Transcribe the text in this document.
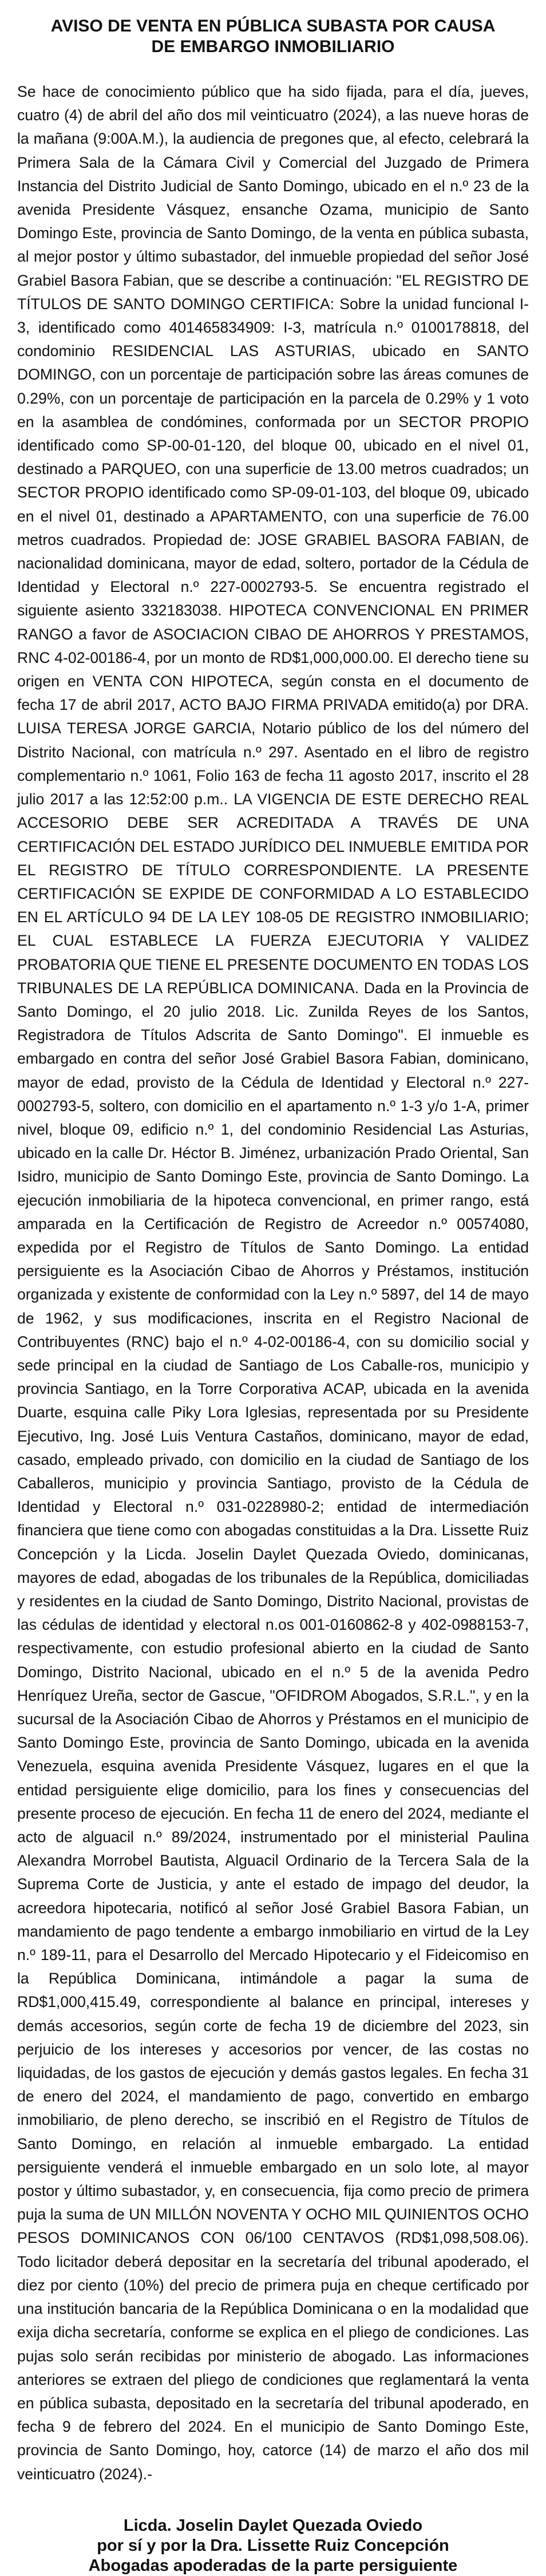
AVISO DE VENTA EN PÚBLICA SUBASTA POR CAUSA
DE EMBARGO INMOBILIARIO

Se hace de conocimiento público que ha sido fijada, para el día, jueves, cuatro (4) de abril del año dos mil veinticuatro (2024), a las nueve horas de la mañana (9:00A.M.), la audiencia de pregones que, al efecto, celebrará la Primera Sala de la Cámara Civil y Comercial del Juzgado de Primera Instancia del Distrito Judicial de Santo Domingo, ubicado en el n.º 23 de la avenida Presidente Vásquez, ensanche Ozama, municipio de Santo Domingo Este, provincia de Santo Domingo, de la venta en pública subasta, al mejor postor y último subastador, del inmueble propiedad del señor José Grabiel Basora Fabian, que se describe a continuación: "EL REGISTRO DE TÍTULOS DE SANTO DOMINGO CERTIFICA: Sobre la unidad funcional I-3, identificado como 401465834909: I-3, matrícula n.º 0100178818, del condominio RESIDENCIAL LAS ASTURIAS, ubicado en SANTO DOMINGO, con un porcentaje de participación sobre las áreas comunes de 0.29%, con un porcentaje de participación en la parcela de 0.29% y 1 voto en la asamblea de condómines, conformada por un SECTOR PROPIO identificado como SP-00-01-120, del bloque 00, ubicado en el nivel 01, destinado a PARQUEO, con una superficie de 13.00 metros cuadrados; un SECTOR PROPIO identificado como SP-09-01-103, del bloque 09, ubicado en el nivel 01, destinado a APARTAMENTO, con una superficie de 76.00 metros cuadrados. Propiedad de: JOSE GRABIEL BASORA FABIAN, de nacionalidad dominicana, mayor de edad, soltero, portador de la Cédula de Identidad y Electoral n.º 227-0002793-5. Se encuentra registrado el siguiente asiento 332183038. HIPOTECA CONVENCIONAL EN PRIMER RANGO a favor de ASOCIACION CIBAO DE AHORROS Y PRESTAMOS, RNC 4-02-00186-4, por un monto de RD$1,000,000.00. El derecho tiene su origen en VENTA CON HIPOTECA, según consta en el documento de fecha 17 de abril 2017, ACTO BAJO FIRMA PRIVADA emitido(a) por DRA. LUISA TERESA JORGE GARCIA, Notario público de los del número del Distrito Nacional, con matrícula n.º 297. Asentado en el libro de registro complementario n.º 1061, Folio 163 de fecha 11 agosto 2017, inscrito el 28 julio 2017 a las 12:52:00 p.m.. LA VIGENCIA DE ESTE DERECHO REAL ACCESORIO DEBE SER ACREDITADA A TRAVÉS DE UNA CERTIFICACIÓN DEL ESTADO JURÍDICO DEL INMUEBLE EMITIDA POR EL REGISTRO DE TÍTULO CORRESPONDIENTE. LA PRESENTE CERTIFICACIÓN SE EXPIDE DE CONFORMIDAD A LO ESTABLECIDO EN EL ARTÍCULO 94 DE LA LEY 108-05 DE REGISTRO INMOBILIARIO; EL CUAL ESTABLECE LA FUERZA EJECUTORIA Y VALIDEZ PROBATORIA QUE TIENE EL PRESENTE DOCUMENTO EN TODAS LOS TRIBUNALES DE LA REPÚBLICA DOMINICANA. Dada en la Provincia de Santo Domingo, el 20 julio 2018. Lic. Zunilda Reyes de los Santos, Registradora de Títulos Adscrita de Santo Domingo". El inmueble es embargado en contra del señor José Grabiel Basora Fabian, dominicano, mayor de edad, provisto de la Cédula de Identidad y Electoral n.º 227-0002793-5, soltero, con domicilio en el apartamento n.º 1-3 y/o 1-A, primer nivel, bloque 09, edificio n.º 1, del condominio Residencial Las Asturias, ubicado en la calle Dr. Héctor B. Jiménez, urbanización Prado Oriental, San Isidro, municipio de Santo Domingo Este, provincia de Santo Domingo. La ejecución inmobiliaria de la hipoteca convencional, en primer rango, está amparada en la Certificación de Registro de Acreedor n.º 00574080, expedida por el Registro de Títulos de Santo Domingo. La entidad persiguiente es la Asociación Cibao de Ahorros y Préstamos, institución organizada y existente de conformidad con la Ley n.º 5897, del 14 de mayo de 1962, y sus modificaciones, inscrita en el Registro Nacional de Contribuyentes (RNC) bajo el n.º 4-02-00186-4, con su domicilio social y sede principal en la ciudad de Santiago de Los Caballe-ros, municipio y provincia Santiago, en la Torre Corporativa ACAP, ubicada en la avenida Duarte, esquina calle Piky Lora Iglesias, representada por su Presidente Ejecutivo, Ing. José Luis Ventura Castaños, dominicano, mayor de edad, casado, empleado privado, con domicilio en la ciudad de Santiago de los Caballeros, municipio y provincia Santiago, provisto de la Cédula de Identidad y Electoral n.º 031-0228980-2; entidad de intermediación financiera que tiene como con abogadas constituidas a la Dra. Lissette Ruiz Concepción y la Licda. Joselin Daylet Quezada Oviedo, dominicanas, mayores de edad, abogadas de los tribunales de la República, domiciliadas y residentes en la ciudad de Santo Domingo, Distrito Nacional, provistas de las cédulas de identidad y electoral n.os 001-0160862-8 y 402-0988153-7, respectivamente, con estudio profesional abierto en la ciudad de Santo Domingo, Distrito Nacional, ubicado en el n.º 5 de la avenida Pedro Henríquez Ureña, sector de Gascue, "OFIDROM Abogados, S.R.L.", y en la sucursal de la Asociación Cibao de Ahorros y Préstamos en el municipio de Santo Domingo Este, provincia de Santo Domingo, ubicada en la avenida Venezuela, esquina avenida Presidente Vásquez, lugares en el que la entidad persiguiente elige domicilio, para los fines y consecuencias del presente proceso de ejecución. En fecha 11 de enero del 2024, mediante el acto de alguacil n.º 89/2024, instrumentado por el ministerial Paulina Alexandra Morrobel Bautista, Alguacil Ordinario de la Tercera Sala de la Suprema Corte de Justicia, y ante el estado de impago del deudor, la acreedora hipotecaria, notificó al señor José Grabiel Basora Fabian, un mandamiento de pago tendente a embargo inmobiliario en virtud de la Ley n.º 189-11, para el Desarrollo del Mercado Hipotecario y el Fideicomiso en la República Dominicana, intimándole a pagar la suma de RD$1,000,415.49, correspondiente al balance en principal, intereses y demás accesorios, según corte de fecha 19 de diciembre del 2023, sin perjuicio de los intereses y accesorios por vencer, de las costas no liquidadas, de los gastos de ejecución y demás gastos legales. En fecha 31 de enero del 2024, el mandamiento de pago, convertido en embargo inmobiliario, de pleno derecho, se inscribió en el Registro de Títulos de Santo Domingo, en relación al inmueble embargado. La entidad persiguiente venderá el inmueble embargado en un solo lote, al mayor postor y último subastador, y, en consecuencia, fija como precio de primera puja la suma de UN MILLÓN NOVENTA Y OCHO MIL QUINIENTOS OCHO PESOS DOMINICANOS CON 06/100 CENTAVOS (RD$1,098,508.06). Todo licitador deberá depositar en la secretaría del tribunal apoderado, el diez por ciento (10%) del precio de primera puja en cheque certificado por una institución bancaria de la República Dominicana o en la modalidad que exija dicha secretaría, conforme se explica en el pliego de condiciones. Las pujas solo serán recibidas por ministerio de abogado. Las informaciones anteriores se extraen del pliego de condiciones que reglamentará la venta en pública subasta, depositado en la secretaría del tribunal apoderado, en fecha 9 de febrero del 2024. En el municipio de Santo Domingo Este, provincia de Santo Domingo, hoy, catorce (14) de marzo el año dos mil veinticuatro (2024).-

Licda. Joselin Daylet Quezada Oviedo
por sí y por la Dra. Lissette Ruiz Concepción
Abogadas apoderadas de la parte persiguiente
